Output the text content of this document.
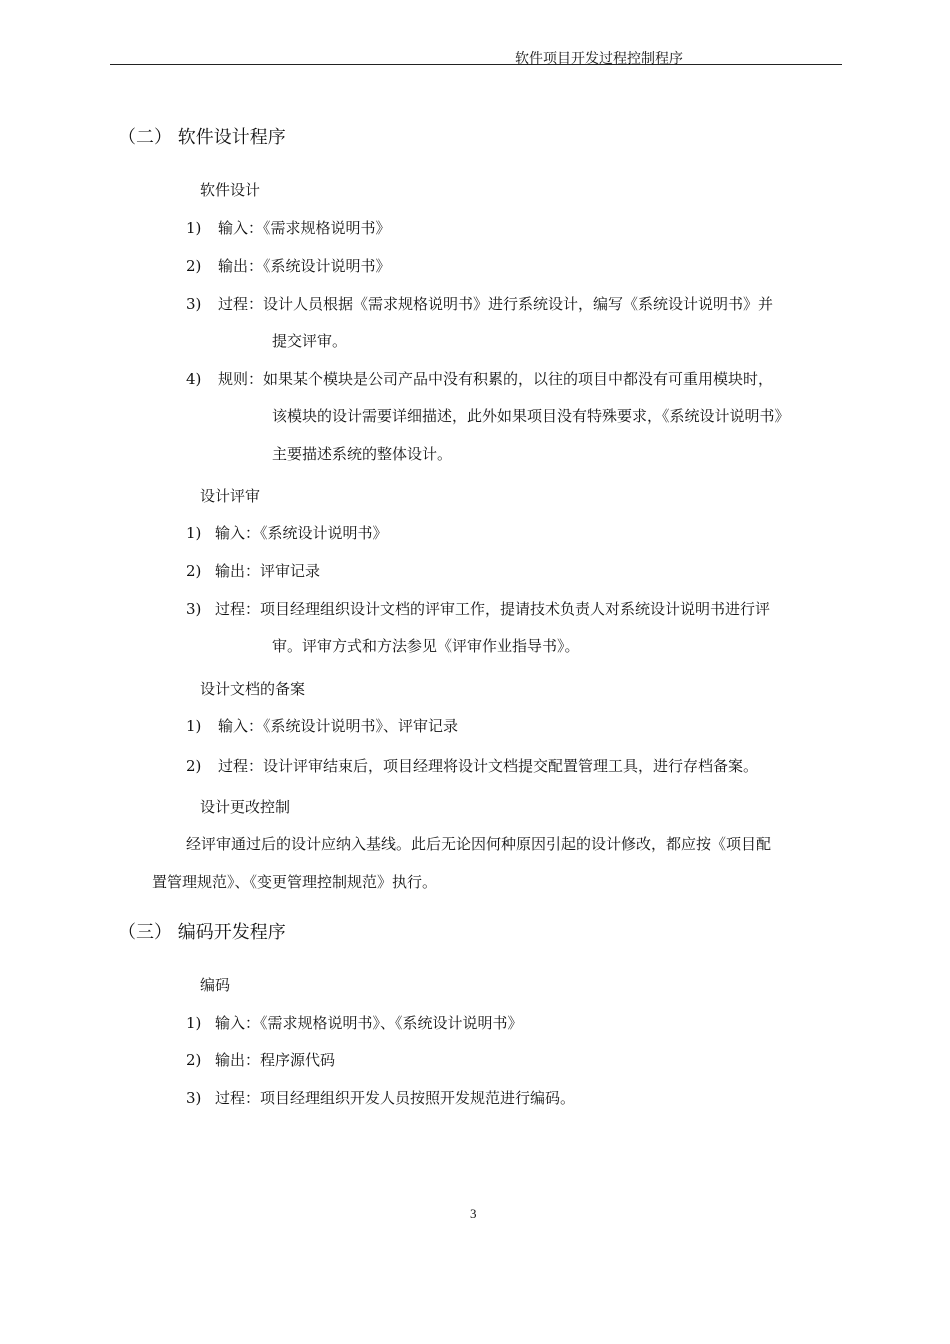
软件项目开发过程控制程序
（二） 软件设计程序
软件设计
1) 输入：《需求规格说明书》
2) 输出：《系统设计说明书》
3) 过程：设计人员根据《需求规格说明书》进行系统设计，编写《系统设计说明书》并
提交评审。
4) 规则：如果某个模块是公司产品中没有积累的，以往的项目中都没有可重用模块时，
该模块的设计需要详细描述，此外如果项目没有特殊要求，《系统设计说明书》
主要描述系统的整体设计。
设计评审
1) 输入：《系统设计说明书》
2) 输出：评审记录
3) 过程：项目经理组织设计文档的评审工作，提请技术负责人对系统设计说明书进行评
审。评审方式和方法参见《评审作业指导书》。
设计文档的备案
1) 输入：《系统设计说明书》、评审记录
2) 过程：设计评审结束后，项目经理将设计文档提交配置管理工具，进行存档备案。
设计更改控制
经评审通过后的设计应纳入基线。此后无论因何种原因引起的设计修改，都应按《项目配
置管理规范》、《变更管理控制规范》执行。
（三） 编码开发程序
编码
1) 输入：《需求规格说明书》、《系统设计说明书》
2) 输出：程序源代码
3) 过程：项目经理组织开发人员按照开发规范进行编码。
3
